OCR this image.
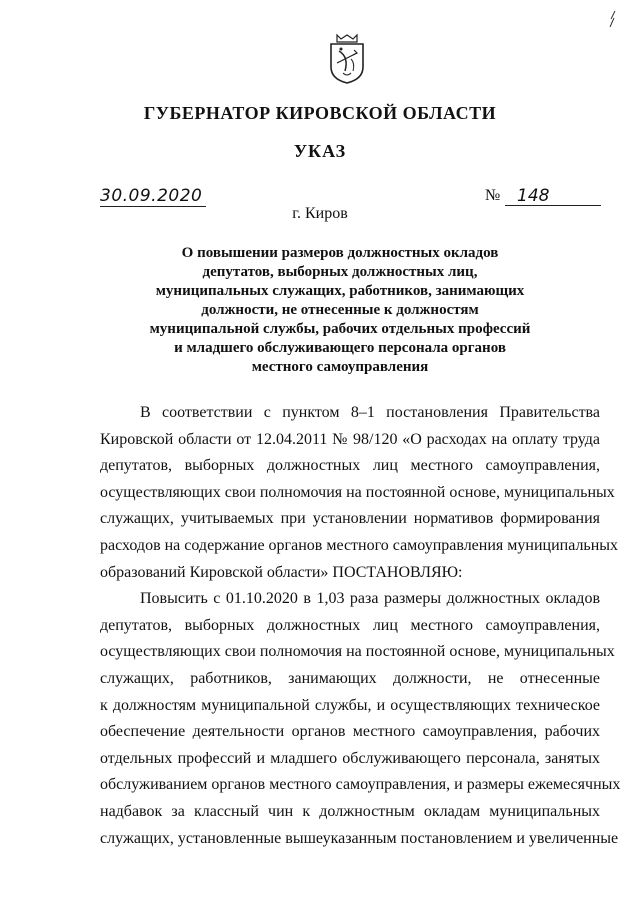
ГУБЕРНАТОР КИРОВСКОЙ ОБЛАСТИ
УКАЗ
30.09.2020	№ 148
г. Киров
О повышении размеров должностных окладов
депутатов, выборных должностных лиц,
муниципальных служащих, работников, занимающих
должности, не отнесенные к должностям
муниципальной службы, рабочих отдельных профессий
и младшего обслуживающего персонала органов
местного самоуправления

В соответствии с пунктом 8–1 постановления Правительства
Кировской области от 12.04.2011 № 98/120 «О расходах на оплату труда
депутатов, выборных должностных лиц местного самоуправления,
осуществляющих свои полномочия на постоянной основе, муниципальных
служащих, учитываемых при установлении нормативов формирования
расходов на содержание органов местного самоуправления муниципальных
образований Кировской области» ПОСТАНОВЛЯЮ:

Повысить с 01.10.2020 в 1,03 раза размеры должностных окладов
депутатов, выборных должностных лиц местного самоуправления,
осуществляющих свои полномочия на постоянной основе, муниципальных
служащих, работников, занимающих должности, не отнесенные
к должностям муниципальной службы, и осуществляющих техническое
обеспечение деятельности органов местного самоуправления, рабочих
отдельных профессий и младшего обслуживающего персонала, занятых
обслуживанием органов местного самоуправления, и размеры ежемесячных
надбавок за классный чин к должностным окладам муниципальных
служащих, установленные вышеуказанным постановлением и увеличенные
